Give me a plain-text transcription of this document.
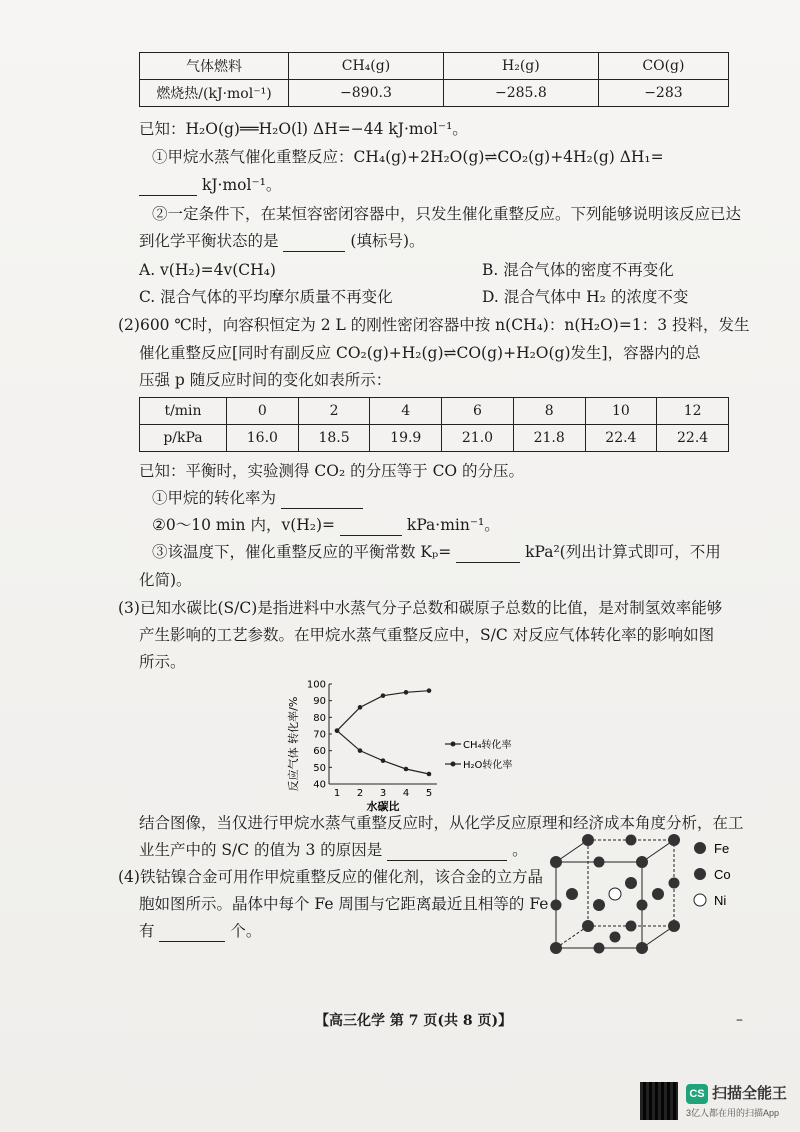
气体燃料	CH₄(g)	H₂(g)	CO(g)
燃烧热/(kJ·mol⁻¹)	−890.3	−285.8	−283
已知：H₂O(g)══H₂O(l) ΔH=−44 kJ·mol⁻¹。
①甲烷水蒸气催化重整反应：CH₄(g)+2H₂O(g)⇌CO₂(g)+4H₂(g) ΔH₁=
kJ·mol⁻¹。
②一定条件下，在某恒容密闭容器中，只发生催化重整反应。下列能够说明该反应已达
到化学平衡状态的是	(填标号)。
A. v(H₂)=4v(CH₄)	B. 混合气体的密度不再变化
C. 混合气体的平均摩尔质量不再变化	D. 混合气体中 H₂ 的浓度不变
(2)600 ℃时，向容积恒定为 2 L 的刚性密闭容器中按 n(CH₄)：n(H₂O)=1：3 投料，发生
催化重整反应[同时有副反应 CO₂(g)+H₂(g)⇌CO(g)+H₂O(g)发生]，容器内的总
压强 p 随反应时间的变化如表所示：
t/min	0	2	4	6	8	10	12
p/kPa	16.0	18.5	19.9	21.0	21.8	22.4	22.4
已知：平衡时，实验测得 CO₂ 的分压等于 CO 的分压。
①甲烷的转化率为
②0～10 min 内，v(H₂)=	kPa·min⁻¹。
③该温度下，催化重整反应的平衡常数 Kₚ=	kPa²(列出计算式即可，不用
化简)。
(3)已知水碳比(S/C)是指进料中水蒸气分子总数和碳原子总数的比值，是对制氢效率能够
产生影响的工艺参数。在甲烷水蒸气重整反应中，S/C 对反应气体转化率的影响如图
所示。
反应气体 转化率/% 40
50
60
70
80
90
100
1 2 3 4 5
水碳比
CH₄转化率
H₂O转化率
结合图像，当仅进行甲烷水蒸气重整反应时，从化学反应原理和经济成本角度分析，在工
业生产中的 S/C 的值为 3 的原因是	。
(4)铁钴镍合金可用作甲烷重整反应的催化剂，该合金的立方晶
胞如图所示。晶体中每个 Fe 周围与它距离最近且相等的 Fe
有	个。
Fe
Co
Ni
【高三化学 第 7 页(共 8 页)】	–
CS 扫描全能王
3亿人都在用的扫描App
